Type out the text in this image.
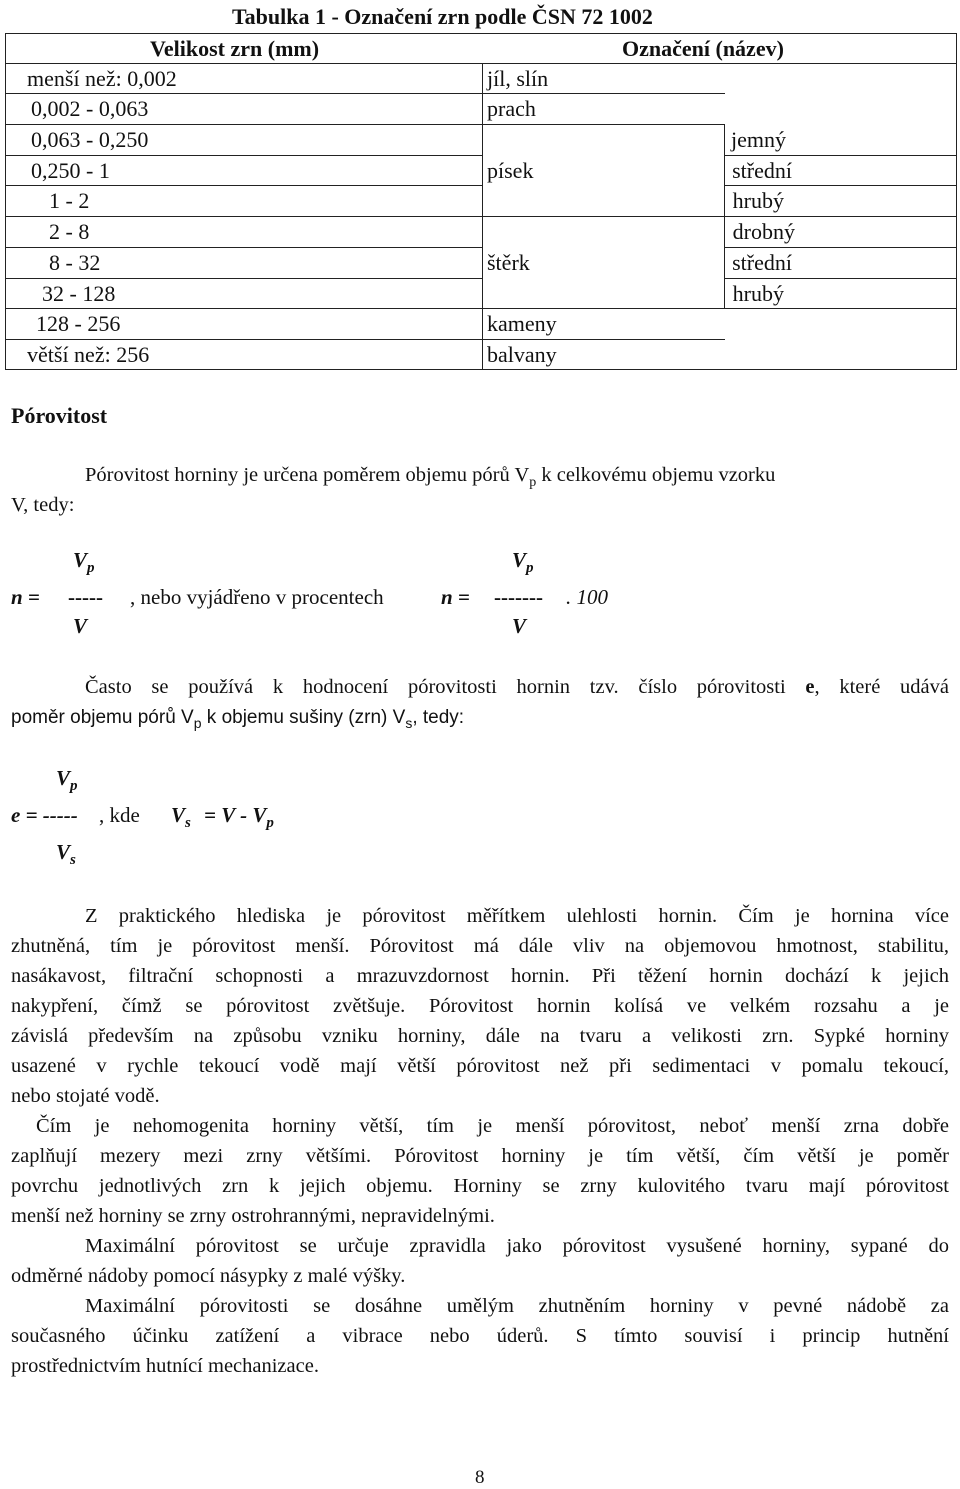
Tabulka 1 - Označení zrn podle ČSN 72 1002
Velikost zrn (mm)	Označení (název)
menší než: 0,002
0,002 - 0,063
0,063 - 0,250
0,250 - 1
1 - 2
2 - 8
8 - 32
32 - 128
128 - 256
větší než: 256
jíl, slín
prach
písek
štěrk
kameny
balvany
jemný
střední
hrubý
drobný
střední
hrubý
Pórovitost
Pórovitost horniny je určena poměrem objemu pórů $V_p$ k celkovému objemu vzorku
V, tedy:
$V_p$
n = ----- , nebo vyjádřeno v procentech
V
$V_p$
n = ------- . 100
V
Často se používá k hodnocení pórovitosti hornin tzv. číslo pórovitosti e, které udává
poměr objemu pórů $V_p$ k objemu sušiny (zrn) $V_s$, tedy:
$V_p$
e = ----- , kde $V_s = V - V_p$
$V_s$
Z praktického hlediska je pórovitost měřítkem ulehlosti hornin. Čím je hornina více
zhutněná, tím je pórovitost menší. Pórovitost má dále vliv na objemovou hmotnost, stabilitu,
nasákavost, filtrační schopnosti a mrazuvzdornost hornin. Při těžení hornin dochází k jejich
nakypření, čímž se pórovitost zvětšuje. Pórovitost hornin kolísá ve velkém rozsahu a je
závislá především na způsobu vzniku horniny, dále na tvaru a velikosti zrn. Sypké horniny
usazené v rychle tekoucí vodě mají větší pórovitost než při sedimentaci v pomalu tekoucí,
nebo stojaté vodě.
Čím je nehomogenita horniny větší, tím je menší pórovitost, neboť menší zrna dobře
zaplňují mezery mezi zrny většími. Pórovitost horniny je tím větší, čím větší je poměr
povrchu jednotlivých zrn k jejich objemu. Horniny se zrny kulovitého tvaru mají pórovitost
menší než horniny se zrny ostrohrannými, nepravidelnými.
Maximální pórovitost se určuje zpravidla jako pórovitost vysušené horniny, sypané do
odměrné nádoby pomocí násypky z malé výšky.
Maximální pórovitosti se dosáhne umělým zhutněním horniny v pevné nádobě za
současného účinku zatížení a vibrace nebo úderů. S tímto souvisí i princip hutnění
prostřednictvím hutnící mechanizace.
8
